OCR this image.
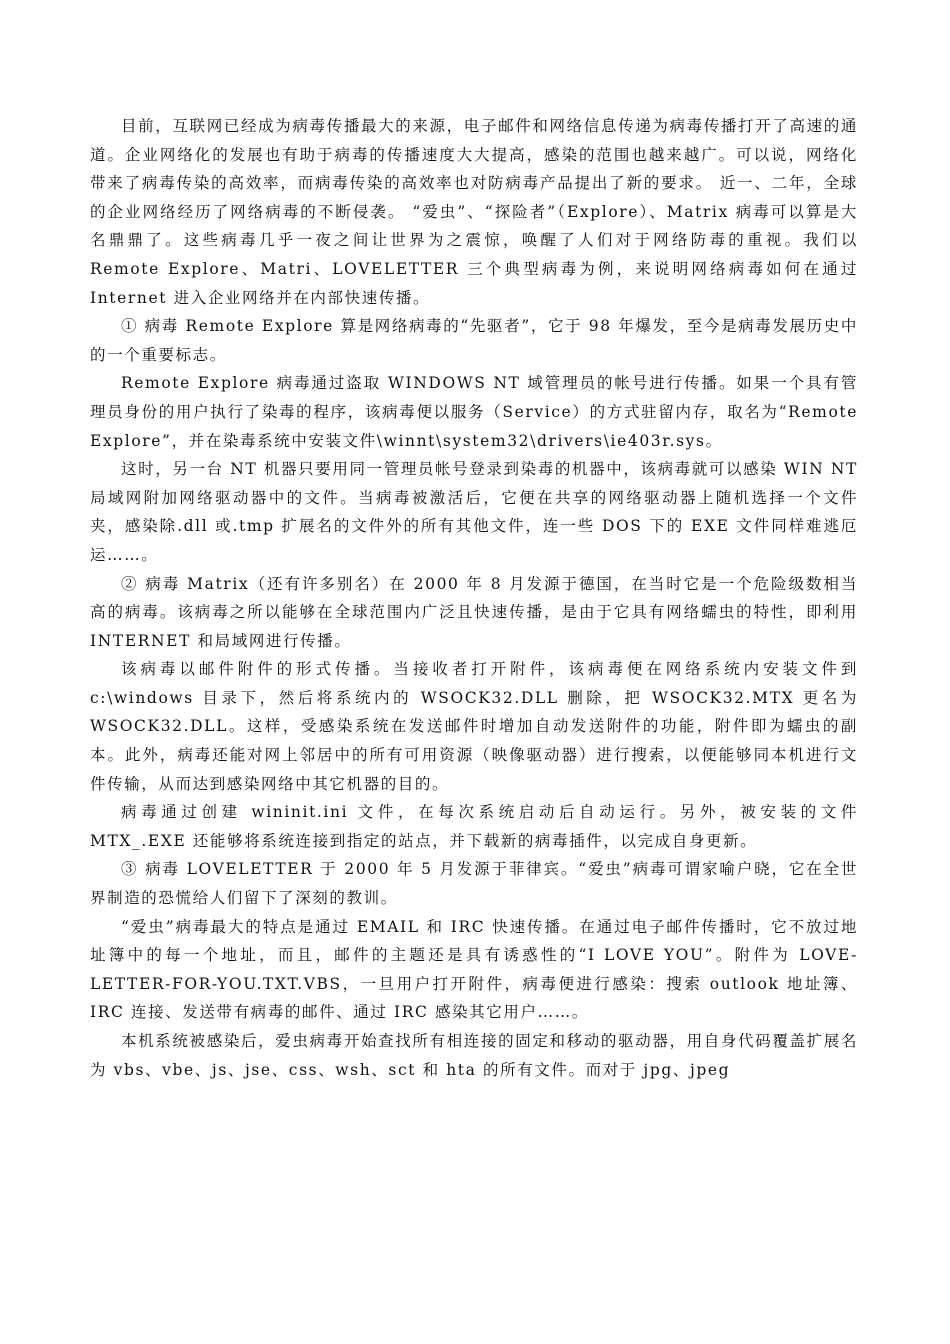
目前，互联网已经成为病毒传播最大的来源，电子邮件和网络信息传递为病毒传播打开了高速的通道。企业网络化的发展也有助于病毒的传播速度大大提高，感染的范围也越来越广。可以说，网络化带来了病毒传染的高效率，而病毒传染的高效率也对防病毒产品提出了新的要求。 近一、二年，全球的企业网络经历了网络病毒的不断侵袭。 “爱虫”、“探险者”（Explore）、Matrix 病毒可以算是大名鼎鼎了。这些病毒几乎一夜之间让世界为之震惊，唤醒了人们对于网络防毒的重视。我们以 Remote Explore、Matri、LOVELETTER 三个典型病毒为例，来说明网络病毒如何在通过 Internet 进入企业网络并在内部快速传播。

① 病毒 Remote Explore 算是网络病毒的“先驱者”，它于 98 年爆发，至今是病毒发展历史中的一个重要标志。

Remote Explore 病毒通过盗取 WINDOWS NT 域管理员的帐号进行传播。如果一个具有管理员身份的用户执行了染毒的程序，该病毒便以服务（Service）的方式驻留内存，取名为“Remote Explore”，并在染毒系统中安装文件\winnt\system32\drivers\ie403r.sys。

这时，另一台 NT 机器只要用同一管理员帐号登录到染毒的机器中，该病毒就可以感染 WIN NT 局域网附加网络驱动器中的文件。当病毒被激活后，它便在共享的网络驱动器上随机选择一个文件夹，感染除.dll 或.tmp 扩展名的文件外的所有其他文件，连一些 DOS 下的 EXE 文件同样难逃厄运……。

② 病毒 Matrix（还有许多别名）在 2000 年 8 月发源于德国，在当时它是一个危险级数相当高的病毒。该病毒之所以能够在全球范围内广泛且快速传播，是由于它具有网络蠕虫的特性，即利用 INTERNET 和局域网进行传播。

该病毒以邮件附件的形式传播。当接收者打开附件，该病毒便在网络系统内安装文件到 c:\windows 目录下，然后将系统内的 WSOCK32.DLL 删除，把 WSOCK32.MTX 更名为 WSOCK32.DLL。这样，受感染系统在发送邮件时增加自动发送附件的功能，附件即为蠕虫的副本。此外，病毒还能对网上邻居中的所有可用资源（映像驱动器）进行搜索，以便能够同本机进行文件传输，从而达到感染网络中其它机器的目的。

病毒通过创建 wininit.ini 文件，在每次系统启动后自动运行。另外，被安装的文件 MTX_.EXE 还能够将系统连接到指定的站点，并下载新的病毒插件，以完成自身更新。

③ 病毒 LOVELETTER 于 2000 年 5 月发源于菲律宾。“爱虫”病毒可谓家喻户晓，它在全世界制造的恐慌给人们留下了深刻的教训。

“爱虫”病毒最大的特点是通过 EMAIL 和 IRC 快速传播。在通过电子邮件传播时，它不放过地址簿中的每一个地址，而且，邮件的主题还是具有诱惑性的“I LOVE YOU”。附件为 LOVE-LETTER-FOR-YOU.TXT.VBS，一旦用户打开附件，病毒便进行感染：搜索 outlook 地址簿、IRC 连接、发送带有病毒的邮件、通过 IRC 感染其它用户……。

本机系统被感染后，爱虫病毒开始查找所有相连接的固定和移动的驱动器，用自身代码覆盖扩展名为 vbs、vbe、js、jse、css、wsh、sct 和 hta 的所有文件。而对于 jpg、jpeg
